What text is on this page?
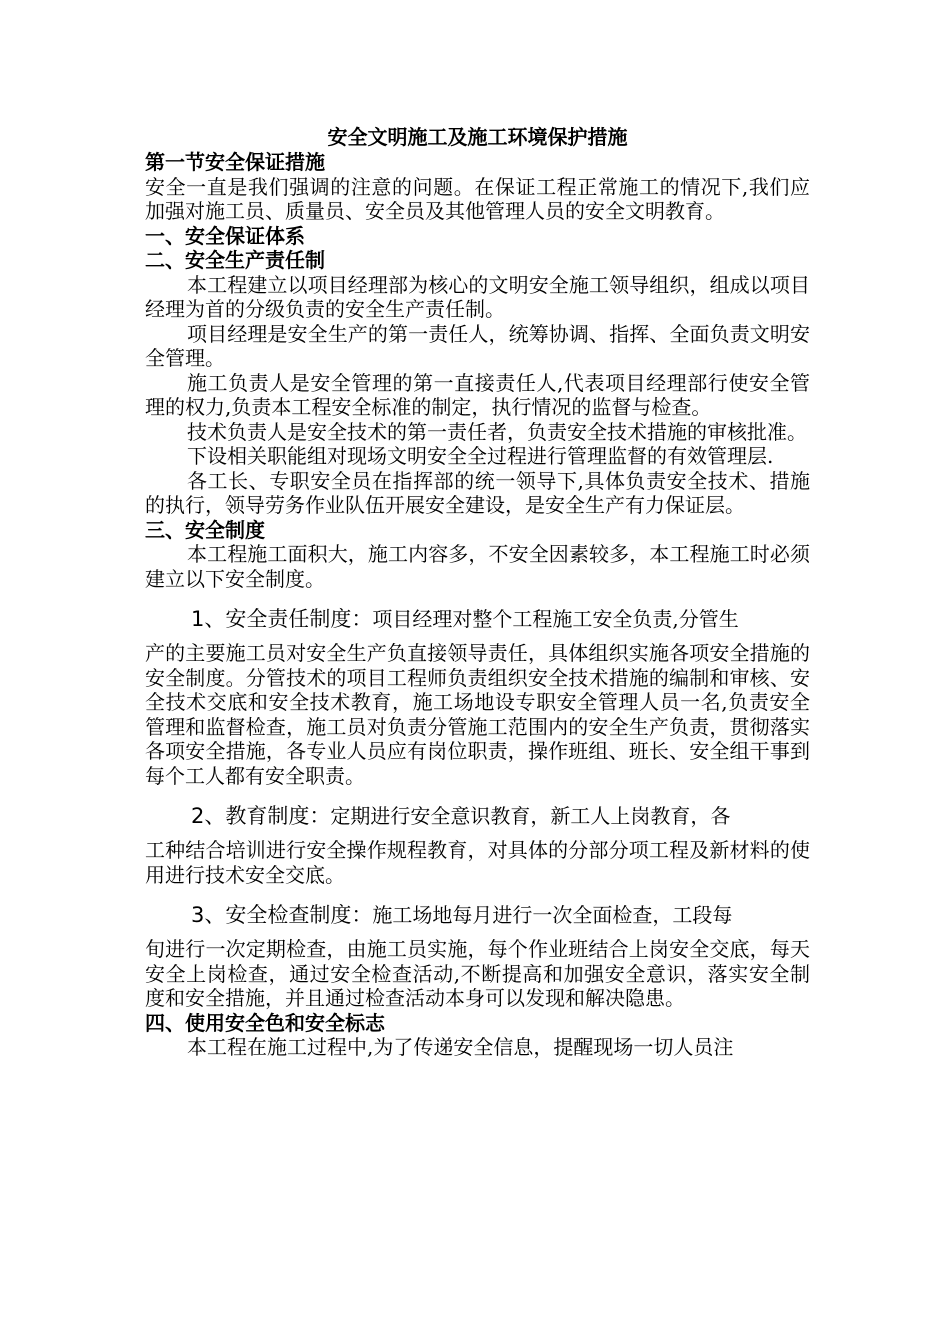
安全文明施工及施工环境保护措施
第一节安全保证措施

安全一直是我们强调的注意的问题。在保证工程正常施工的情况下,我们应加强对施工员、质量员、安全员及其他管理人员的安全文明教育。

一、安全保证体系
二、安全生产责任制

本工程建立以项目经理部为核心的文明安全施工领导组织，组成以项目经理为首的分级负责的安全生产责任制。

项目经理是安全生产的第一责任人，统筹协调、指挥、全面负责文明安全管理。

施工负责人是安全管理的第一直接责任人,代表项目经理部行使安全管理的权力,负责本工程安全标准的制定，执行情况的监督与检查。

技术负责人是安全技术的第一责任者，负责安全技术措施的审核批准。

下设相关职能组对现场文明安全全过程进行管理监督的有效管理层.

各工长、专职安全员在指挥部的统一领导下,具体负责安全技术、措施的执行，领导劳务作业队伍开展安全建设，是安全生产有力保证层。

三、安全制度

本工程施工面积大，施工内容多，不安全因素较多，本工程施工时必须建立以下安全制度。

1、安全责任制度：项目经理对整个工程施工安全负责,分管生
产的主要施工员对安全生产负直接领导责任，具体组织实施各项安全措施的安全制度。分管技术的项目工程师负责组织安全技术措施的编制和审核、安全技术交底和安全技术教育，施工场地设专职安全管理人员一名,负责安全管理和监督检查，施工员对负责分管施工范围内的安全生产负责，贯彻落实各项安全措施，各专业人员应有岗位职责，操作班组、班长、安全组干事到每个工人都有安全职责。
2、教育制度：定期进行安全意识教育，新工人上岗教育，各
工种结合培训进行安全操作规程教育，对具体的分部分项工程及新材料的使用进行技术安全交底。
3、安全检查制度：施工场地每月进行一次全面检查，工段每
旬进行一次定期检查，由施工员实施，每个作业班结合上岗安全交底，每天安全上岗检查，通过安全检查活动,不断提高和加强安全意识，落实安全制度和安全措施，并且通过检查活动本身可以发现和解决隐患。
四、使用安全色和安全标志

本工程在施工过程中,为了传递安全信息，提醒现场一切人员注
